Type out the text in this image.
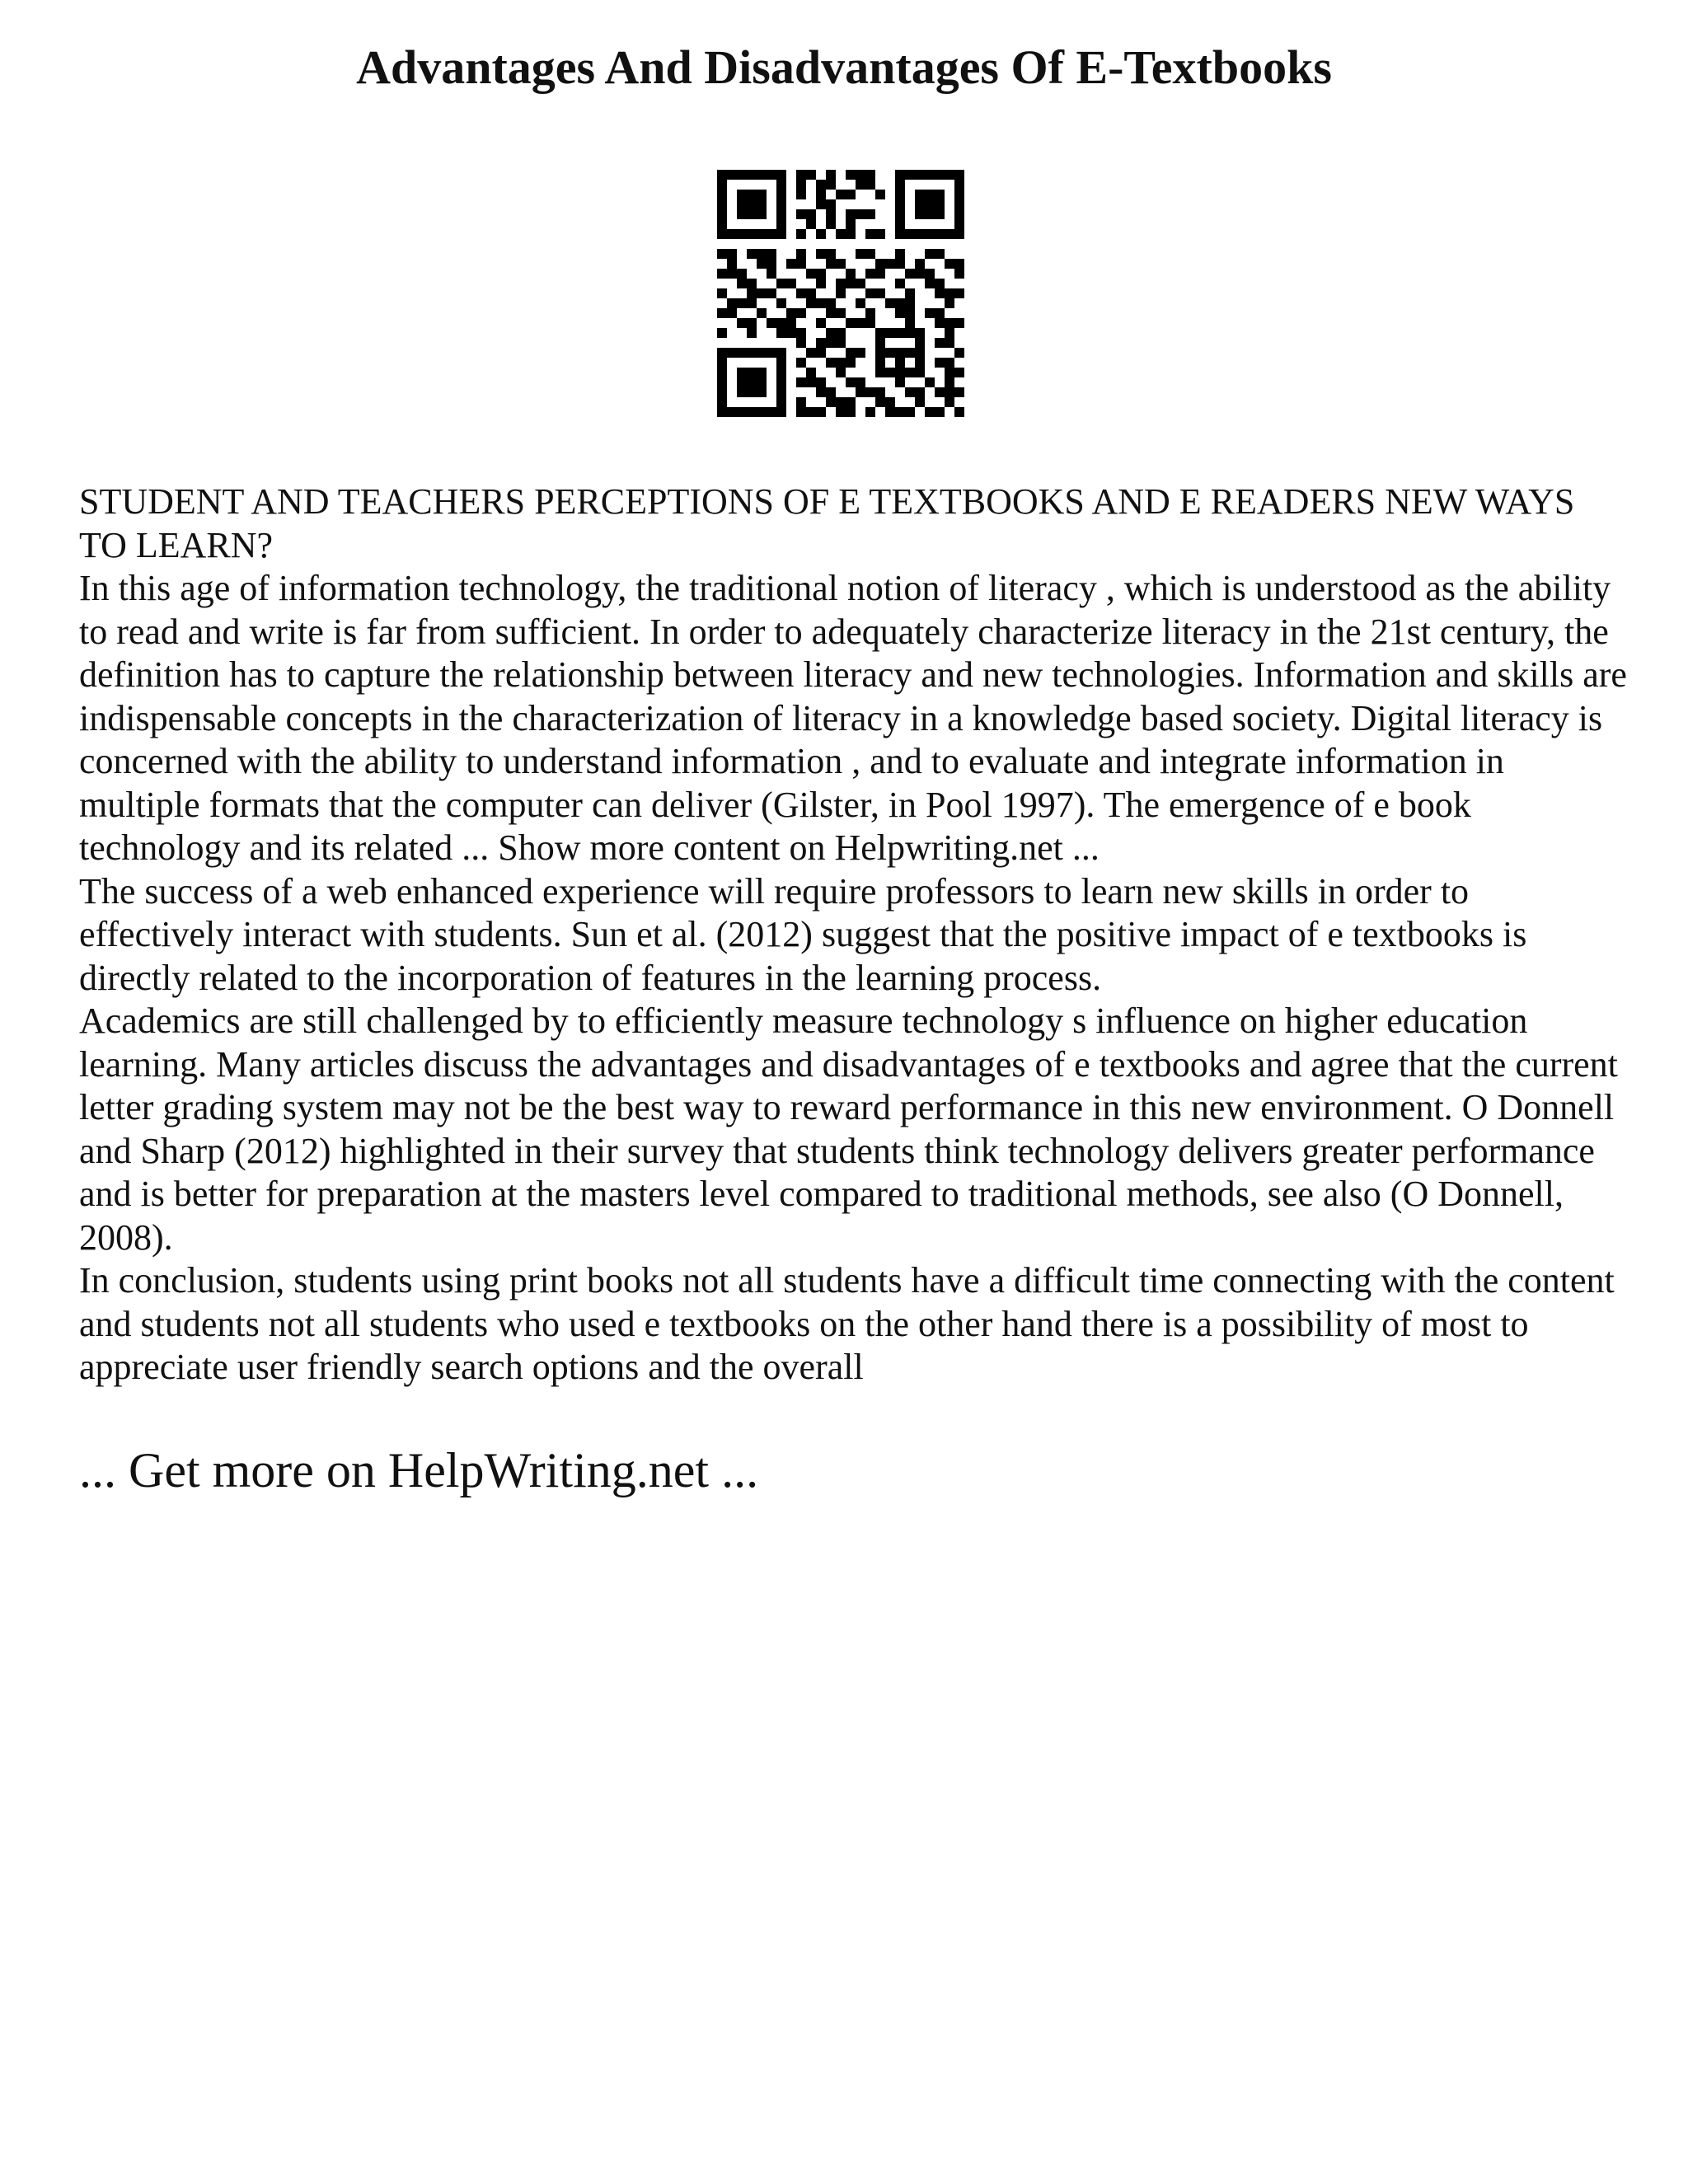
Advantages And Disadvantages Of E-Textbooks

STUDENT AND TEACHERS PERCEPTIONS OF E TEXTBOOKS AND E READERS NEW WAYS TO LEARN?

In this age of information technology, the traditional notion of literacy , which is understood as the ability to read and write is far from sufficient. In order to adequately characterize literacy in the 21st century, the definition has to capture the relationship between literacy and new technologies. Information and skills are indispensable concepts in the characterization of literacy in a knowledge based society. Digital literacy is concerned with the ability to understand information , and to evaluate and integrate information in multiple formats that the computer can deliver (Gilster, in Pool 1997). The emergence of e book technology and its related ... Show more content on Helpwriting.net ...

The success of a web enhanced experience will require professors to learn new skills in order to effectively interact with students. Sun et al. (2012) suggest that the positive impact of e textbooks is directly related to the incorporation of features in the learning process.

Academics are still challenged by to efficiently measure technology s influence on higher education learning. Many articles discuss the advantages and disadvantages of e textbooks and agree that the current letter grading system may not be the best way to reward performance in this new environment. O Donnell and Sharp (2012) highlighted in their survey that students think technology delivers greater performance and is better for preparation at the masters level compared to traditional methods, see also (O Donnell, 2008).

In conclusion, students using print books not all students have a difficult time connecting with the content and students not all students who used e textbooks on the other hand there is a possibility of most to appreciate user friendly search options and the overall

... Get more on HelpWriting.net ...
